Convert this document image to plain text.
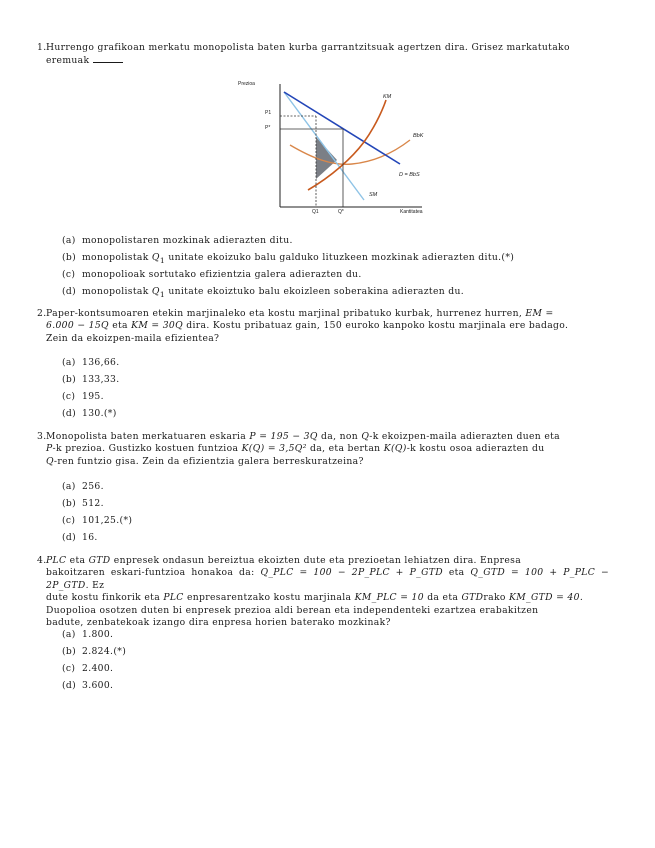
1. Hurrengo grafikoan merkatu monopolista baten kurba garrantzitsuak agertzen dira. Grisez markatutako
eremuak
Prezioa
Kantitatea
P1
P*
Q1	Q*
KM
BbK
D = BbS
SM
(a) monopolistaren mozkinak adierazten ditu.
(b) monopolistak $Q_1$ unitate ekoizuko balu galduko lituzkeen mozkinak adierazten ditu.(*)
(c) monopolioak sortutako efizientzia galera adierazten du.
(d) monopolistak $Q_1$ unitate ekoiztuko balu ekoizleen soberakina adierazten du.
2. Paper-kontsumoaren etekin marjinaleko eta kostu marjinal pribatuko kurbak, hurrenez hurren, EM =
6.000 − 15Q eta KM = 30Q dira. Kostu pribatuaz gain, 150 euroko kanpoko kostu marjinala ere badago.
Zein da ekoizpen-maila efizientea?
(a) 136,66.
(b) 133,33.
(c) 195.
(d) 130.(*)
3. Monopolista baten merkatuaren eskaria P = 195 − 3Q da, non Q-k ekoizpen-maila adierazten duen eta
P-k prezioa. Gustizko kostuen funtzioa K(Q) = 3,5Q² da, eta bertan K(Q)-k kostu osoa adierazten du
Q-ren funtzio gisa. Zein da efizientzia galera berreskuratzeina?
(a) 256.
(b) 512.
(c) 101,25.(*)
(d) 16.
4. PLC eta GTD enpresek ondasun bereiztua ekoizten dute eta prezioetan lehiatzen dira. Enpresa
bakoitzaren eskari-funtzioa honakoa da: Q_PLC = 100 − 2P_PLC + P_GTD eta Q_GTD = 100 + P_PLC − 2P_GTD. Ez
dute kostu finkorik eta PLC enpresarentzako kostu marjinala KM_PLC = 10 da eta GTDrako KM_GTD = 40.
Duopolioa osotzen duten bi enpresek prezioa aldi berean eta independenteki ezartzea erabakitzen
badute, zenbatekoak izango dira enpresa horien baterako mozkinak?
(a) 1.800.
(b) 2.824.(*)
(c) 2.400.
(d) 3.600.
